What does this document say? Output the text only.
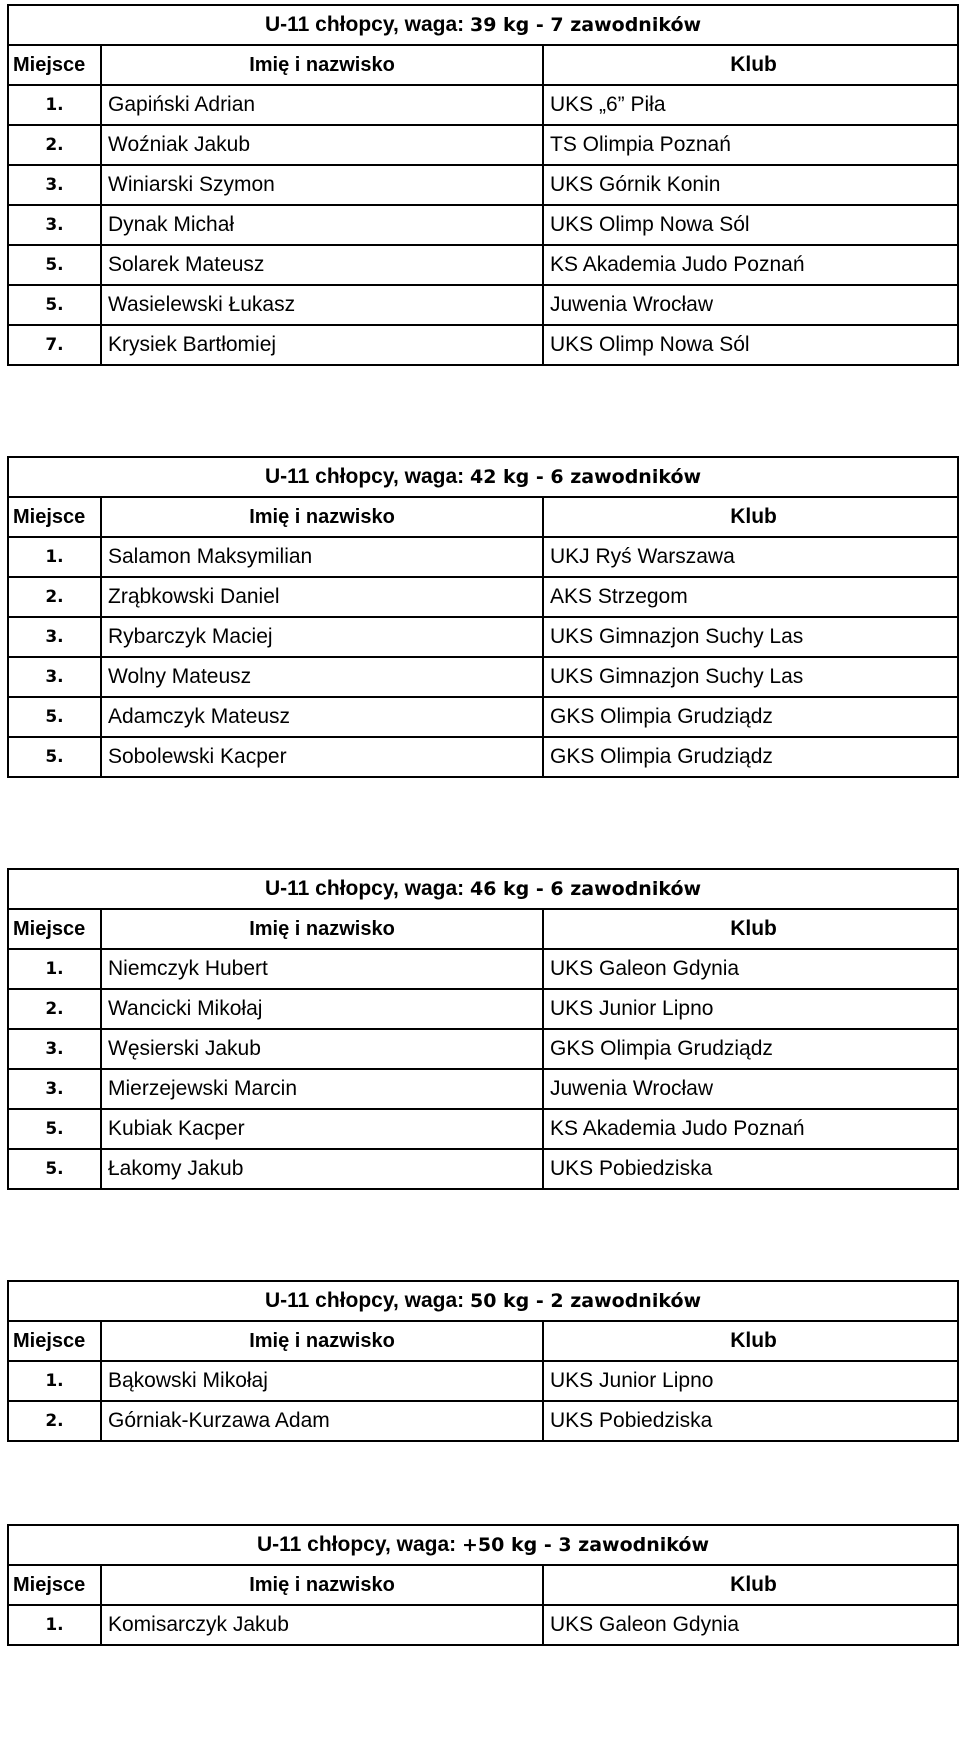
U-11 chłopcy, waga: 39 kg - 7 zawodników		
Miejsce	Imię i nazwisko	Klub
1.	Gapiński Adrian	UKS „6” Piła
2.	Woźniak Jakub	TS Olimpia Poznań
3.	Winiarski Szymon	UKS Górnik Konin
3.	Dynak Michał	UKS Olimp Nowa Sól
5.	Solarek Mateusz	KS Akademia Judo Poznań
5.	Wasielewski Łukasz	Juwenia Wrocław
7.	Krysiek Bartłomiej	UKS Olimp Nowa Sól
U-11 chłopcy, waga: 42 kg - 6 zawodników		
Miejsce	Imię i nazwisko	Klub
1.	Salamon Maksymilian	UKJ Ryś Warszawa
2.	Zrąbkowski Daniel	AKS Strzegom
3.	Rybarczyk Maciej	UKS Gimnazjon Suchy Las
3.	Wolny Mateusz	UKS Gimnazjon Suchy Las
5.	Adamczyk Mateusz	GKS Olimpia Grudziądz
5.	Sobolewski Kacper	GKS Olimpia Grudziądz
U-11 chłopcy, waga: 46 kg - 6 zawodników		
Miejsce	Imię i nazwisko	Klub
1.	Niemczyk Hubert	UKS Galeon Gdynia
2.	Wancicki Mikołaj	UKS Junior Lipno
3.	Węsierski Jakub	GKS Olimpia Grudziądz
3.	Mierzejewski Marcin	Juwenia Wrocław
5.	Kubiak Kacper	KS Akademia Judo Poznań
5.	Łakomy Jakub	UKS Pobiedziska
U-11 chłopcy, waga: 50 kg - 2 zawodników		
Miejsce	Imię i nazwisko	Klub
1.	Bąkowski Mikołaj	UKS Junior Lipno
2.	Górniak-Kurzawa Adam	UKS Pobiedziska
U-11 chłopcy, waga: +50 kg - 3 zawodników		
Miejsce	Imię i nazwisko	Klub
1.	Komisarczyk Jakub	UKS Galeon Gdynia
